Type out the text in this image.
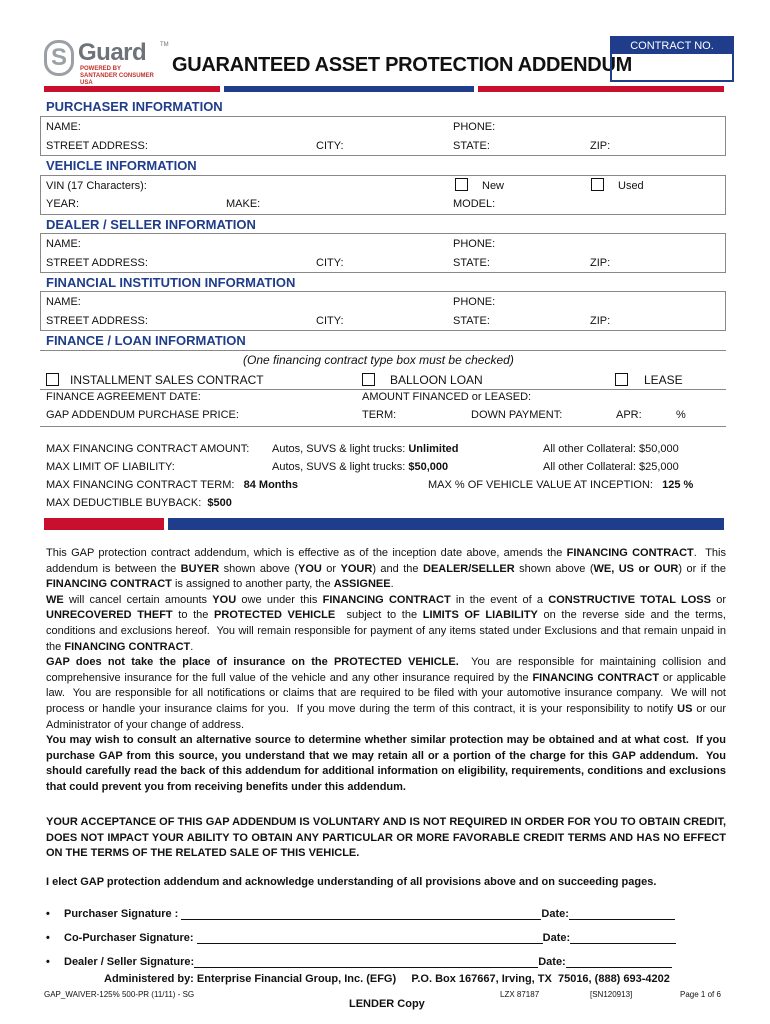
S Guard TM
POWERED BY
SANTANDER CONSUMER USA
GUARANTEED ASSET PROTECTION ADDENDUM
CONTRACT NO.
PURCHASER INFORMATION
NAME:	PHONE:
STREET ADDRESS:	CITY:	STATE:	ZIP:
VEHICLE INFORMATION
VIN (17 Characters):	New	Used
YEAR:	MAKE:	MODEL:
DEALER / SELLER INFORMATION
NAME:	PHONE:
STREET ADDRESS:	CITY:	STATE:	ZIP:
FINANCIAL INSTITUTION INFORMATION
NAME:	PHONE:
STREET ADDRESS:	CITY:	STATE:	ZIP:
FINANCE / LOAN INFORMATION
(One financing contract type box must be checked)
INSTALLMENT SALES CONTRACT	BALLOON LOAN	LEASE
FINANCE AGREEMENT DATE:	AMOUNT FINANCED or LEASED:
GAP ADDENDUM PURCHASE PRICE:	TERM:	DOWN PAYMENT:	APR:	%
MAX FINANCING CONTRACT AMOUNT: Autos, SUVS & light trucks: Unlimited	All other Collateral: $50,000
MAX LIMIT OF LIABILITY:	Autos, SUVS & light trucks: $50,000	All other Collateral: $25,000
MAX FINANCING CONTRACT TERM: 84 Months	MAX % OF VEHICLE VALUE AT INCEPTION: 125 %
MAX DEDUCTIBLE BUYBACK: $500
This GAP protection contract addendum, which is effective as of the inception date above, amends the FINANCING CONTRACT.  This addendum is between the BUYER shown above (YOU or YOUR) and the DEALER/SELLER shown above (WE, US or OUR) or if the FINANCING CONTRACT is assigned to another party, the ASSIGNEE.
WE will cancel certain amounts YOU owe under this FINANCING CONTRACT in the event of a CONSTRUCTIVE TOTAL LOSS or UNRECOVERED THEFT to the PROTECTED VEHICLE  subject to the LIMITS OF LIABILITY on the reverse side and the terms, conditions and exclusions hereof.  You will remain responsible for payment of any items stated under Exclusions and that remain unpaid in the FINANCING CONTRACT.
GAP does not take the place of insurance on the PROTECTED VEHICLE.  You are responsible for maintaining collision and comprehensive insurance for the full value of the vehicle and any other insurance required by the FINANCING CONTRACT or applicable law.  You are responsible for all notifications or claims that are required to be filed with your automotive insurance company.  We will not process or handle your insurance claims for you.  If you move during the term of this contract, it is your responsibility to notify US or our Administrator of your change of address.
You may wish to consult an alternative source to determine whether similar protection may be obtained and at what cost.  If you purchase GAP from this source, you understand that we may retain all or a portion of the charge for this GAP addendum.  You should carefully read the back of this addendum for additional information on eligibility, requirements, conditions and exclusions that could prevent you from receiving benefits under this addendum.
YOUR ACCEPTANCE OF THIS GAP ADDENDUM IS VOLUNTARY AND IS NOT REQUIRED IN ORDER FOR YOU TO OBTAIN CREDIT, DOES NOT IMPACT YOUR ABILITY TO OBTAIN ANY PARTICULAR OR MORE FAVORABLE CREDIT TERMS AND HAS NO EFFECT ON THE TERMS OF THE RELATED SALE OF THIS VEHICLE.
I elect GAP protection addendum and acknowledge understanding of all provisions above and on succeeding pages.
• Purchaser Signature :	Date:
• Co-Purchaser Signature:	Date:
• Dealer / Seller Signature:	Date:
Administered by: Enterprise Financial Group, Inc. (EFG)     P.O. Box 167667, Irving, TX  75016, (888) 693-4202
GAP_WAIVER-125% 500-PR (11/11) - SG	LZX 87187	[SN120913]	Page 1 of 6
LENDER Copy
